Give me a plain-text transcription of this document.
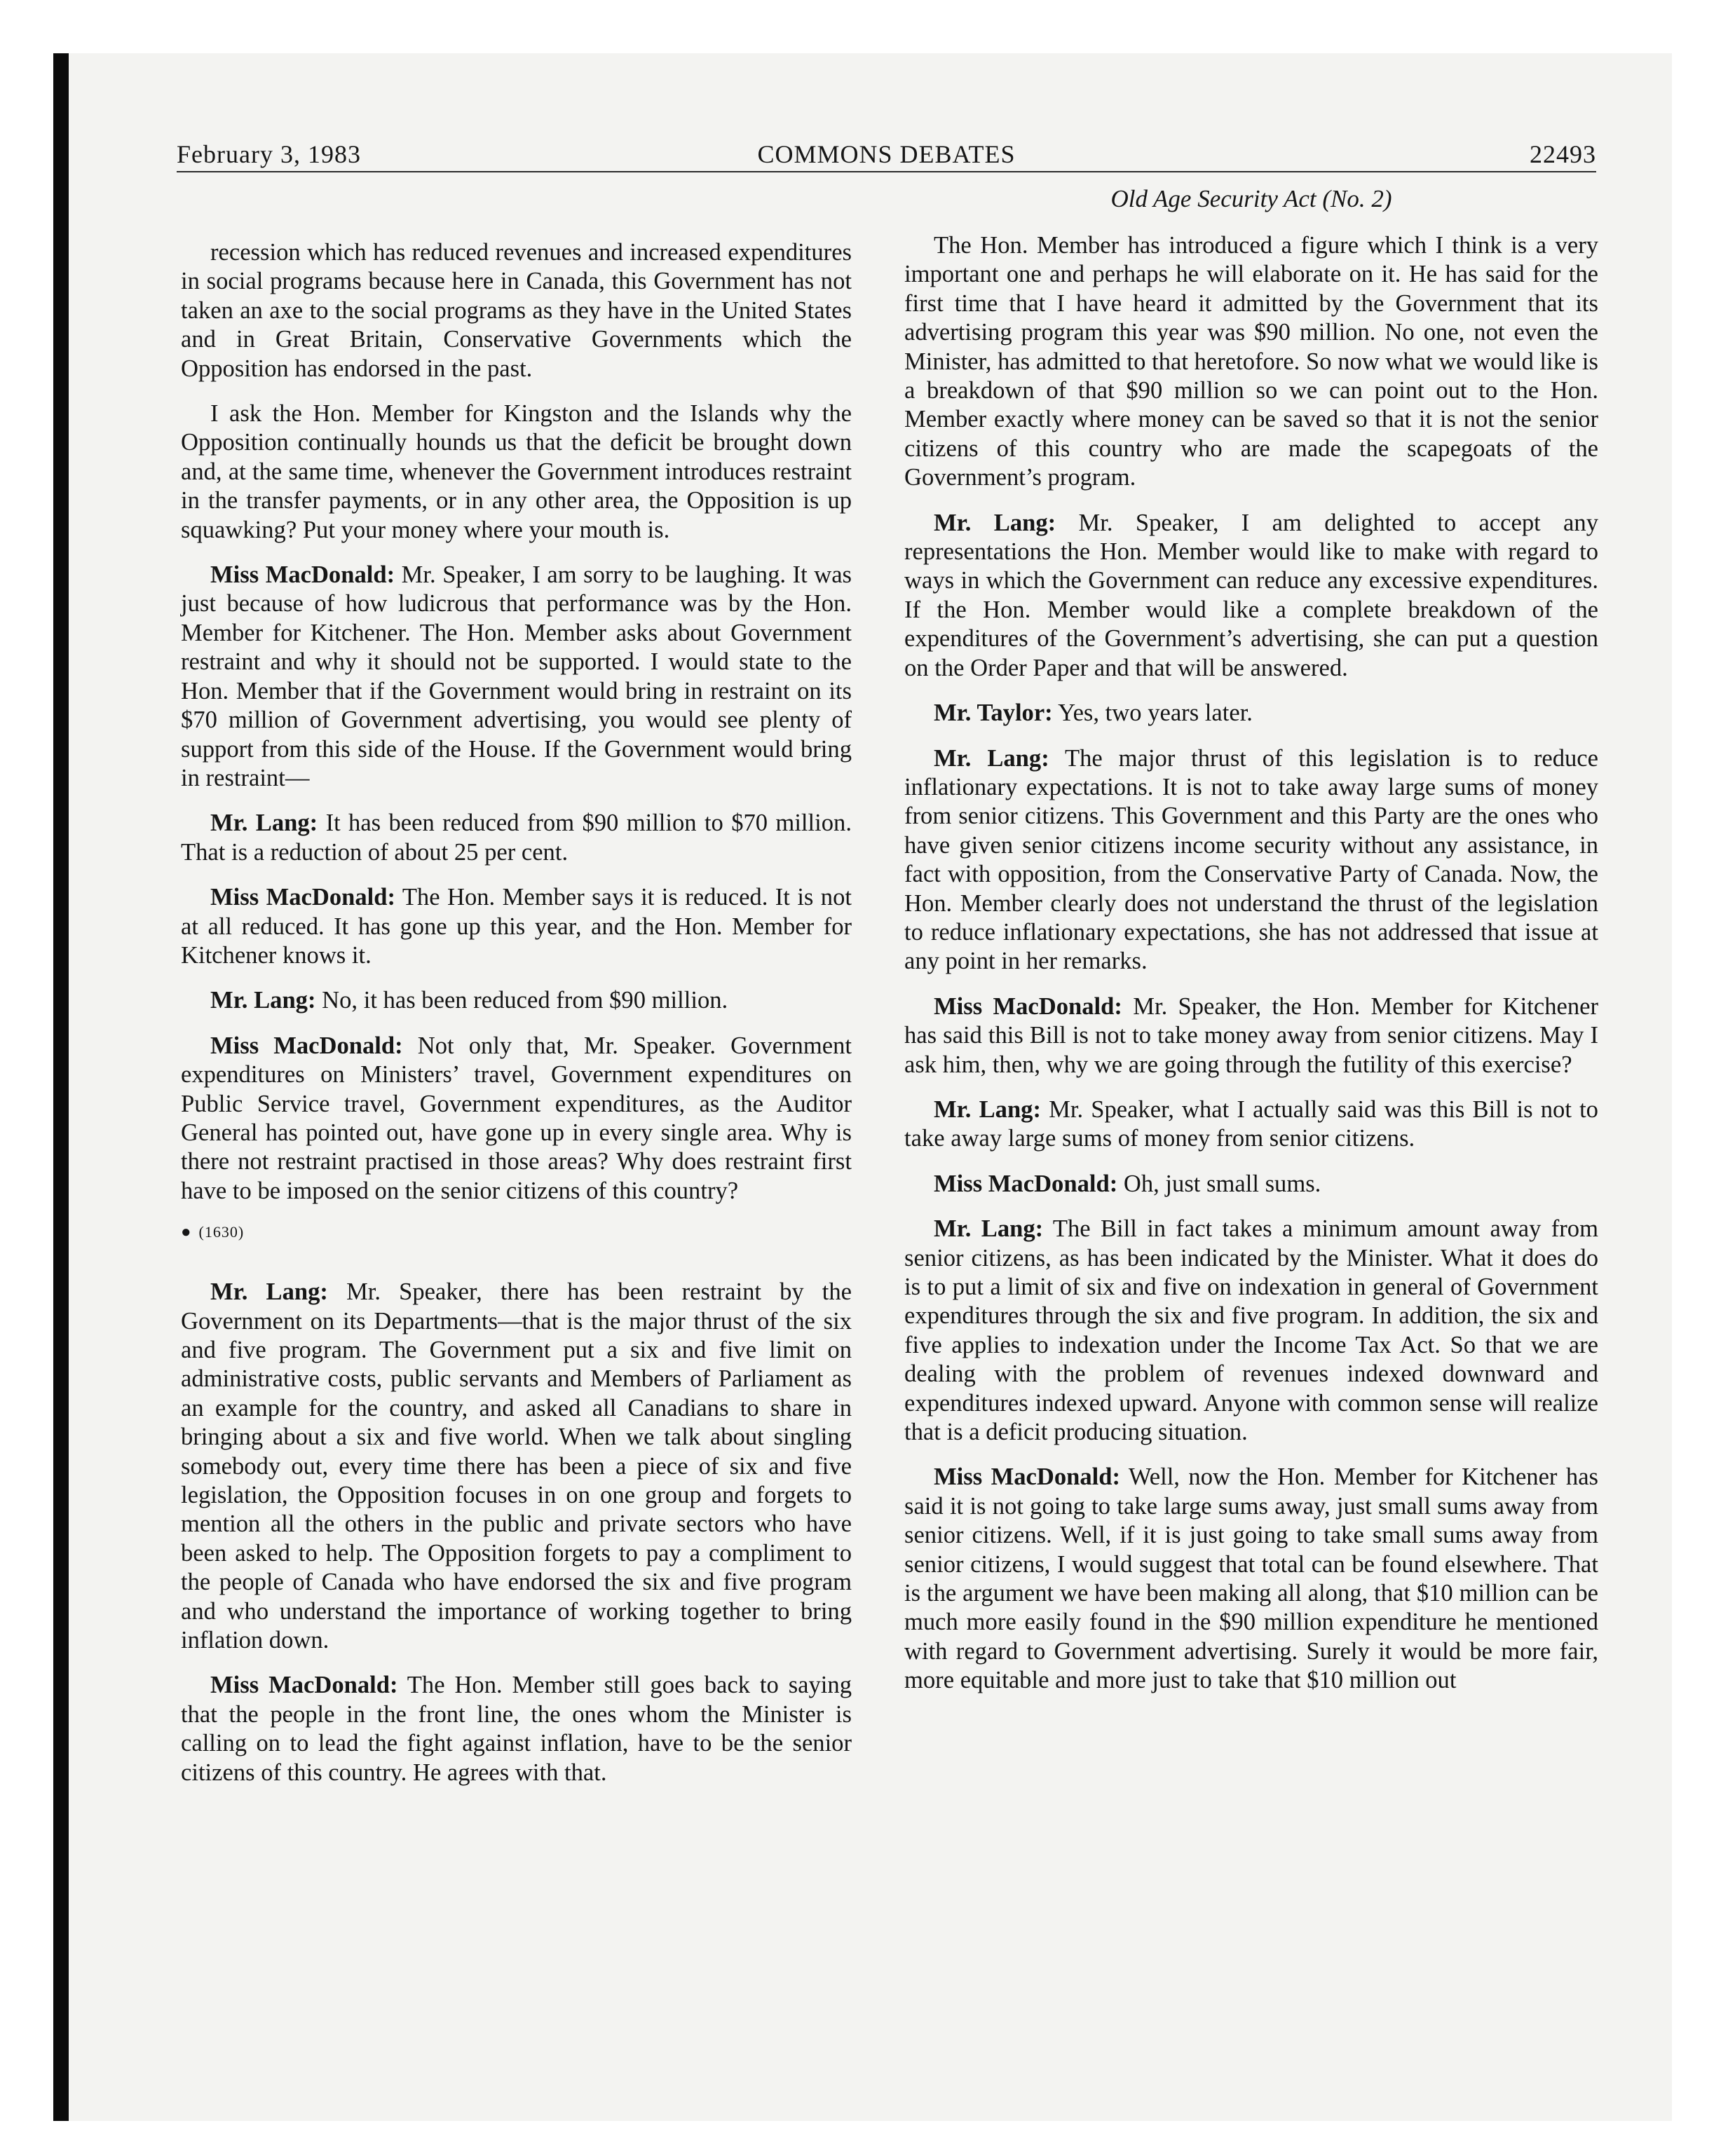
February 3, 1983	COMMONS DEBATES	22493
Old Age Security Act (No. 2)

recession which has reduced revenues and increased expenditures in social programs because here in Canada, this Government has not taken an axe to the social programs as they have in the United States and in Great Britain, Conservative Governments which the Opposition has endorsed in the past.

I ask the Hon. Member for Kingston and the Islands why the Opposition continually hounds us that the deficit be brought down and, at the same time, whenever the Government introduces restraint in the transfer payments, or in any other area, the Opposition is up squawking? Put your money where your mouth is.

Miss MacDonald: Mr. Speaker, I am sorry to be laughing. It was just because of how ludicrous that performance was by the Hon. Member for Kitchener. The Hon. Member asks about Government restraint and why it should not be supported. I would state to the Hon. Member that if the Government would bring in restraint on its $70 million of Government advertising, you would see plenty of support from this side of the House. If the Government would bring in restraint—

Mr. Lang: It has been reduced from $90 million to $70 million. That is a reduction of about 25 per cent.

Miss MacDonald: The Hon. Member says it is reduced. It is not at all reduced. It has gone up this year, and the Hon. Member for Kitchener knows it.

Mr. Lang: No, it has been reduced from $90 million.

Miss MacDonald: Not only that, Mr. Speaker. Government expenditures on Ministers’ travel, Government expenditures on Public Service travel, Government expenditures, as the Auditor General has pointed out, have gone up in every single area. Why is there not restraint practised in those areas? Why does restraint first have to be imposed on the senior citizens of this country?

● (1630)

Mr. Lang: Mr. Speaker, there has been restraint by the Government on its Departments—that is the major thrust of the six and five program. The Government put a six and five limit on administrative costs, public servants and Members of Parliament as an example for the country, and asked all Canadians to share in bringing about a six and five world. When we talk about singling somebody out, every time there has been a piece of six and five legislation, the Opposition focuses in on one group and forgets to mention all the others in the public and private sectors who have been asked to help. The Opposition forgets to pay a compliment to the people of Canada who have endorsed the six and five program and who understand the importance of working together to bring inflation down.

Miss MacDonald: The Hon. Member still goes back to saying that the people in the front line, the ones whom the Minister is calling on to lead the fight against inflation, have to be the senior citizens of this country. He agrees with that.

The Hon. Member has introduced a figure which I think is a very important one and perhaps he will elaborate on it. He has said for the first time that I have heard it admitted by the Government that its advertising program this year was $90 million. No one, not even the Minister, has admitted to that heretofore. So now what we would like is a breakdown of that $90 million so we can point out to the Hon. Member exactly where money can be saved so that it is not the senior citizens of this country who are made the scapegoats of the Government’s program.

Mr. Lang: Mr. Speaker, I am delighted to accept any representations the Hon. Member would like to make with regard to ways in which the Government can reduce any excessive expenditures. If the Hon. Member would like a complete breakdown of the expenditures of the Government’s advertising, she can put a question on the Order Paper and that will be answered.

Mr. Taylor: Yes, two years later.

Mr. Lang: The major thrust of this legislation is to reduce inflationary expectations. It is not to take away large sums of money from senior citizens. This Government and this Party are the ones who have given senior citizens income security without any assistance, in fact with opposition, from the Conservative Party of Canada. Now, the Hon. Member clearly does not understand the thrust of the legislation to reduce inflationary expectations, she has not addressed that issue at any point in her remarks.

Miss MacDonald: Mr. Speaker, the Hon. Member for Kitchener has said this Bill is not to take money away from senior citizens. May I ask him, then, why we are going through the futility of this exercise?

Mr. Lang: Mr. Speaker, what I actually said was this Bill is not to take away large sums of money from senior citizens.

Miss MacDonald: Oh, just small sums.

Mr. Lang: The Bill in fact takes a minimum amount away from senior citizens, as has been indicated by the Minister. What it does do is to put a limit of six and five on indexation in general of Government expenditures through the six and five program. In addition, the six and five applies to indexation under the Income Tax Act. So that we are dealing with the problem of revenues indexed downward and expenditures indexed upward. Anyone with common sense will realize that is a deficit producing situation.

Miss MacDonald: Well, now the Hon. Member for Kitchener has said it is not going to take large sums away, just small sums away from senior citizens. Well, if it is just going to take small sums away from senior citizens, I would suggest that total can be found elsewhere. That is the argument we have been making all along, that $10 million can be much more easily found in the $90 million expenditure he mentioned with regard to Government advertising. Surely it would be more fair, more equitable and more just to take that $10 million out
